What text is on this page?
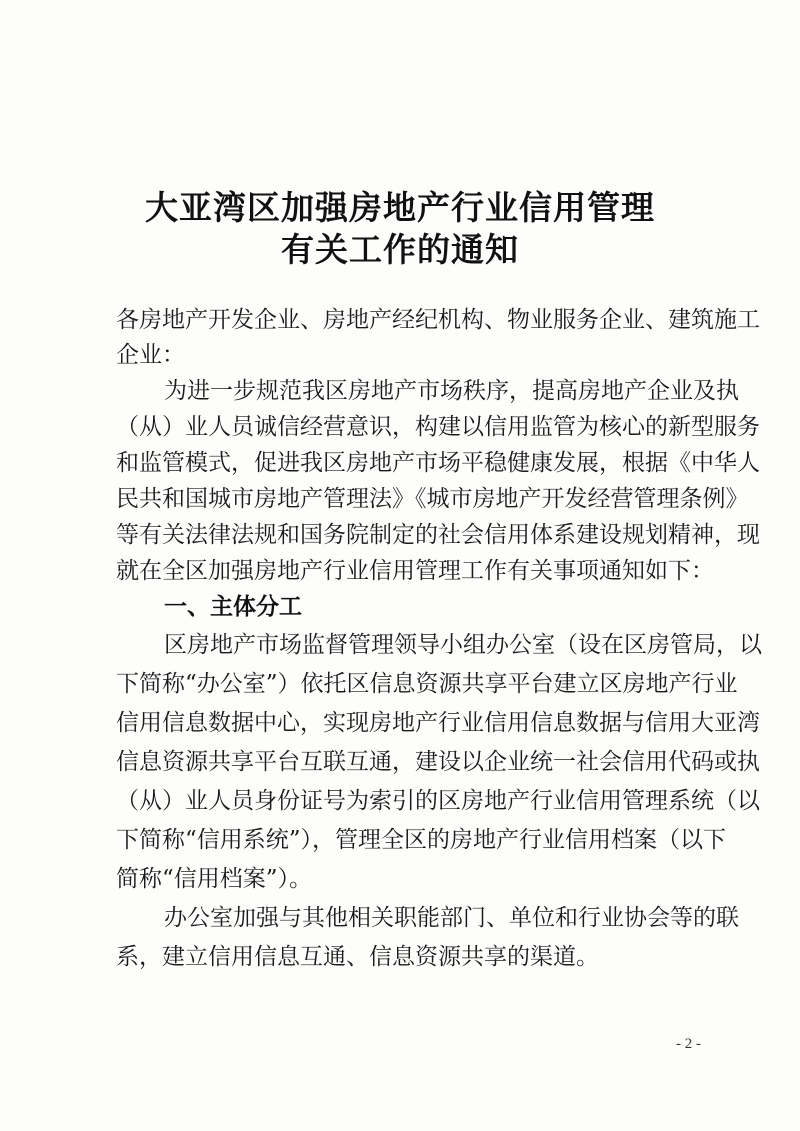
大亚湾区加强房地产行业信用管理
有关工作的通知
各房地产开发企业、房地产经纪机构、物业服务企业、建筑施工
企业：
为进一步规范我区房地产市场秩序，提高房地产企业及执
（从）业人员诚信经营意识，构建以信用监管为核心的新型服务
和监管模式，促进我区房地产市场平稳健康发展，根据《中华人
民共和国城市房地产管理法》《城市房地产开发经营管理条例》
等有关法律法规和国务院制定的社会信用体系建设规划精神，现
就在全区加强房地产行业信用管理工作有关事项通知如下：
一、主体分工
区房地产市场监督管理领导小组办公室（设在区房管局，以
下简称“办公室”）依托区信息资源共享平台建立区房地产行业
信用信息数据中心，实现房地产行业信用信息数据与信用大亚湾
信息资源共享平台互联互通，建设以企业统一社会信用代码或执
（从）业人员身份证号为索引的区房地产行业信用管理系统（以
下简称“信用系统”），管理全区的房地产行业信用档案（以下
简称“信用档案”）。
办公室加强与其他相关职能部门、单位和行业协会等的联
系，建立信用信息互通、信息资源共享的渠道。
- 2 -
